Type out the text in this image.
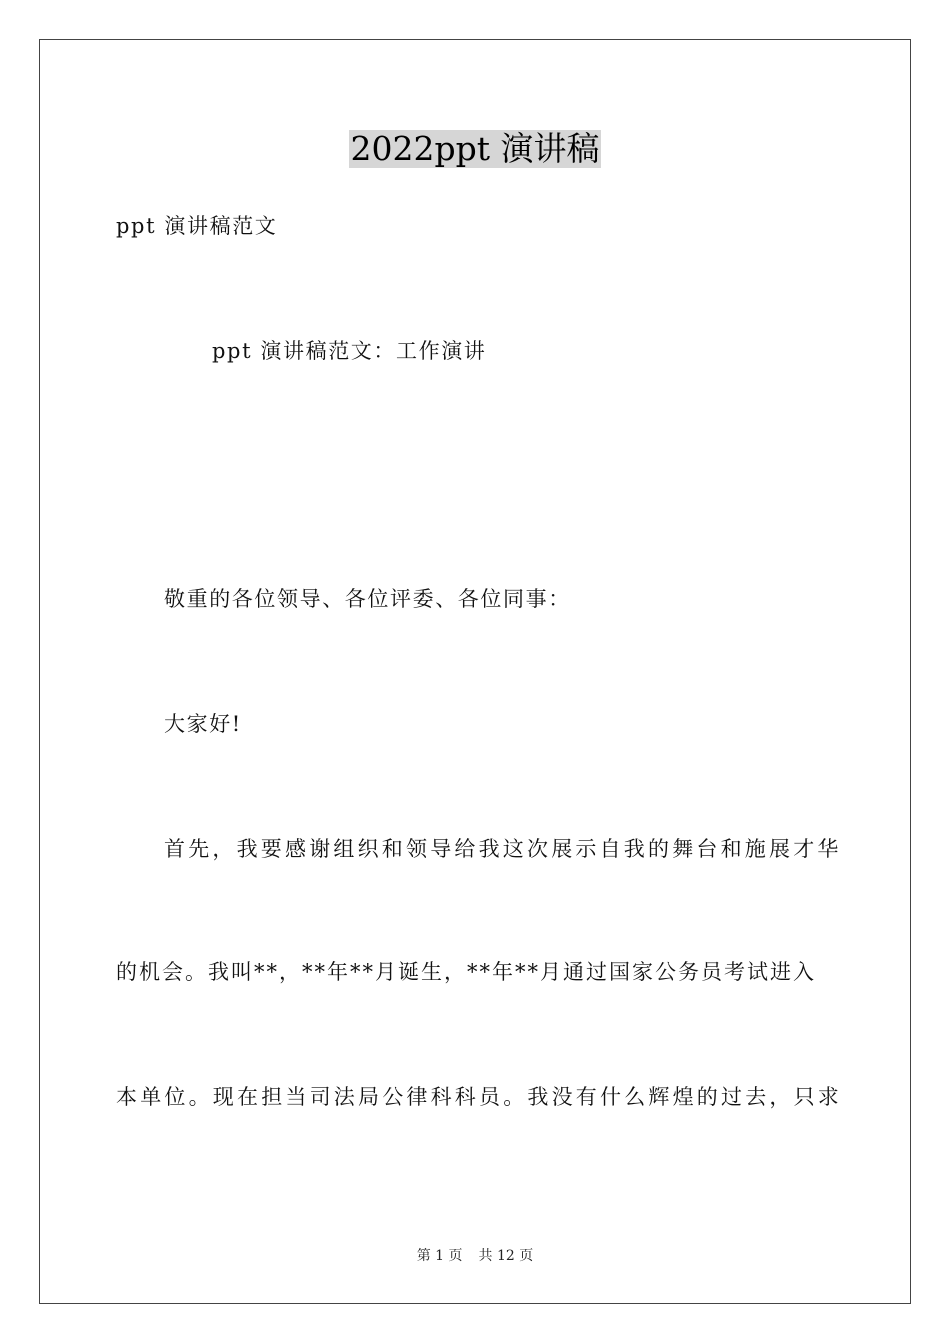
2022ppt 演讲稿
ppt 演讲稿范文
ppt 演讲稿范文：工作演讲
敬重的各位领导、各位评委、各位同事：
大家好!
首先，我要感谢组织和领导给我这次展示自我的舞台和施展才华
的机会。我叫**，**年**月诞生，**年**月通过国家公务员考试进入
本单位。现在担当司法局公律科科员。我没有什么辉煌的过去，只求
第 1 页 共 12 页
